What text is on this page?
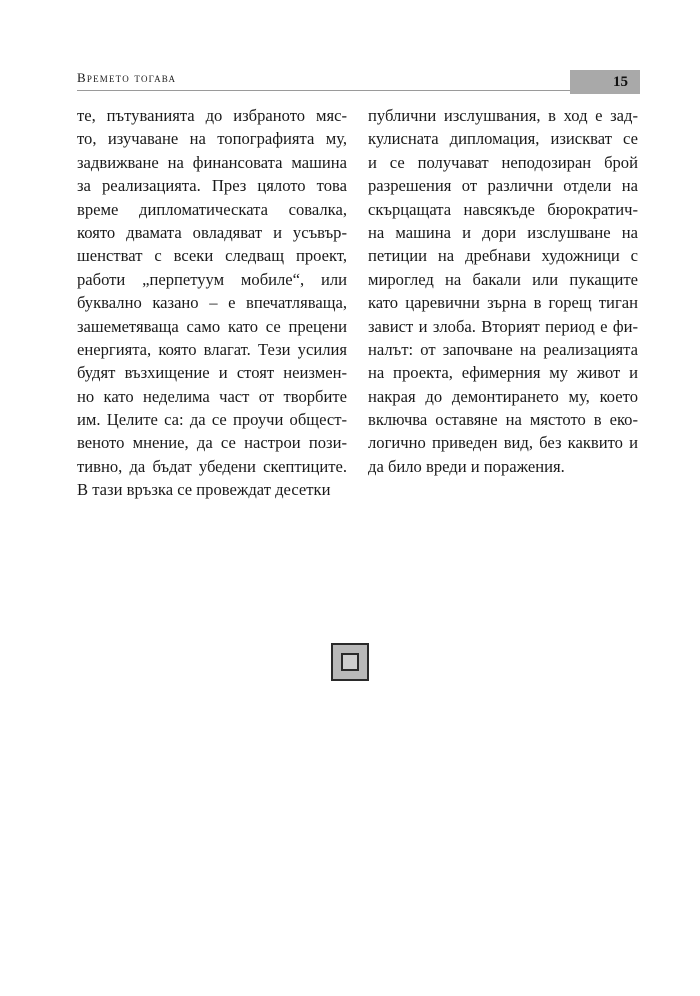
Времето тогава	15
те, пътуванията до избраното мяс-
то, изучаване на топографията му,
задвижване на финансовата машина
за реализацията. През цялото това
време дипломатическата совалка,
която двамата овладяват и усъвър-
шенстват с всеки следващ проект,
работи „перпетуум мобиле“, или
буквално казано – е впечатляваща,
зашеметяваща само като се прецени
енергията, която влагат. Тези усилия
будят възхищение и стоят неизмен-
но като неделима част от творбите
им. Целите са: да се проучи общест-
веното мнение, да се настрои пози-
тивно, да бъдат убедени скептиците.
В тази връзка се провеждат десетки
публични изслушвания, в ход е зад-
кулисната дипломация, изискват се
и се получават неподозиран брой
разрешения от различни отдели на
скърцащата навсякъде бюрократич-
на машина и дори изслушване на
петиции на дребнави художници с
мироглед на бакали или пукащите
като царевични зърна в горещ тиган
завист и злоба. Вторият период е фи-
налът: от започване на реализацията
на проекта, ефимерния му живот и
накрая до демонтирането му, което
включва оставяне на мястото в еко-
логично приведен вид, без каквито и
да било вреди и поражения.
